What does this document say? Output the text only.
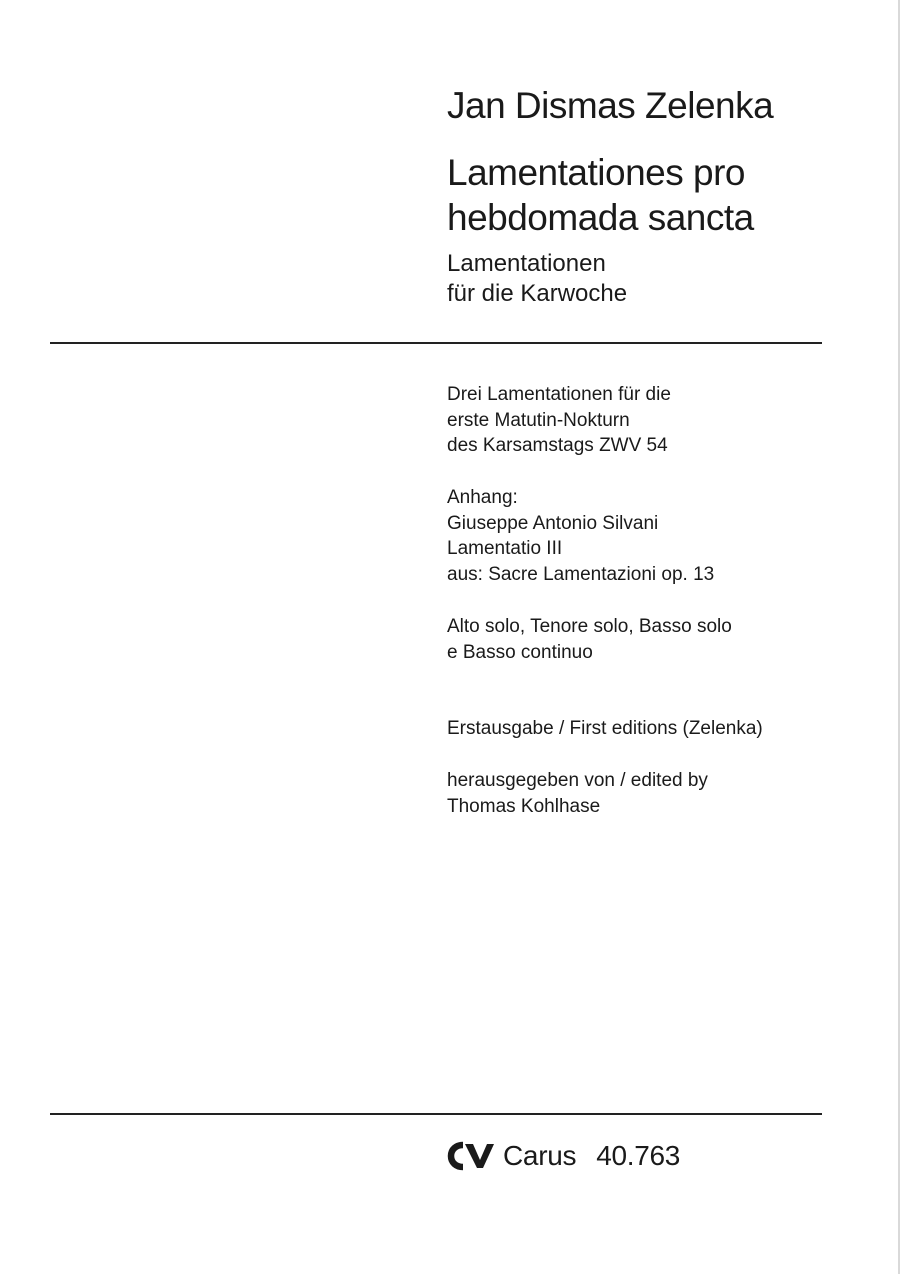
Jan Dismas Zelenka
Lamentationes pro
hebdomada sancta
Lamentationen
für die Karwoche
Drei Lamentationen für die
erste Matutin-Nokturn
des Karsamstags ZWV 54
Anhang:
Giuseppe Antonio Silvani
Lamentatio III
aus: Sacre Lamentazioni op. 13
Alto solo, Tenore solo, Basso solo
e Basso continuo
Erstausgabe / First editions (Zelenka)
herausgegeben von / edited by
Thomas Kohlhase
Carus 40.763
